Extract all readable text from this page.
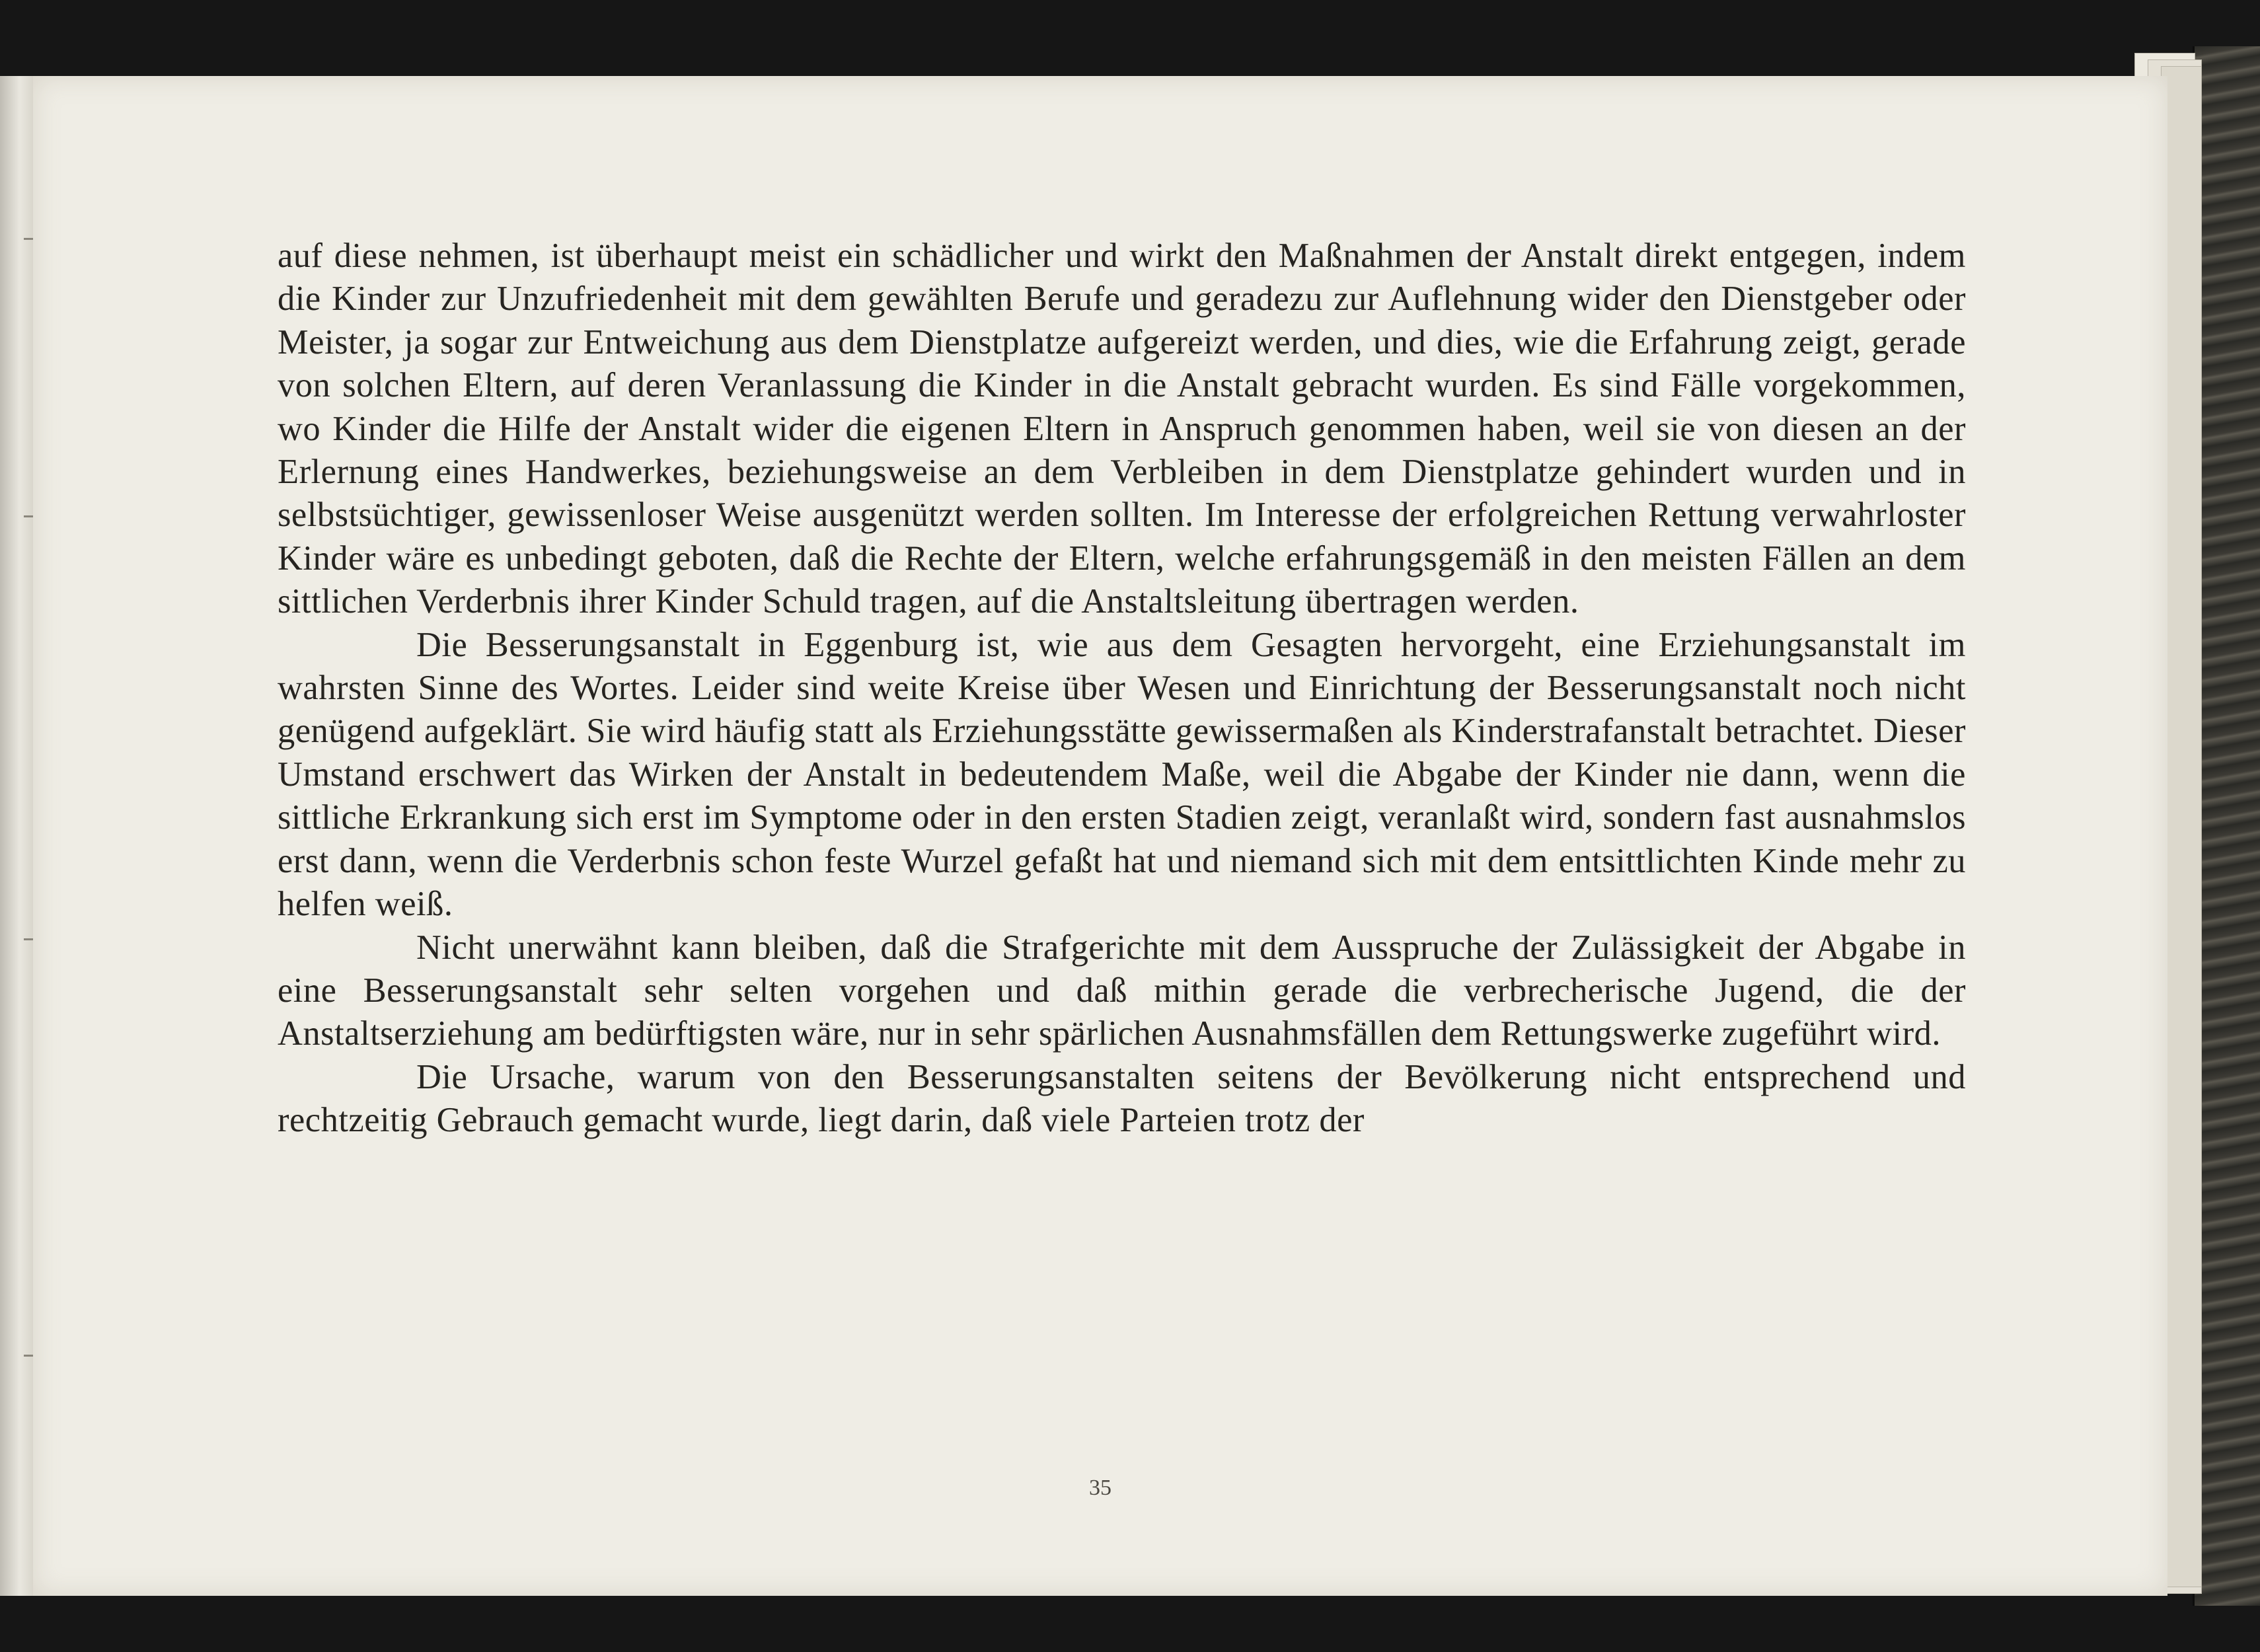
auf diese nehmen, ist überhaupt meist ein schädlicher und wirkt den Maßnahmen der Anstalt direkt entgegen, indem die Kinder zur Unzufriedenheit mit dem gewählten Berufe und geradezu zur Auflehnung wider den Dienstgeber oder Meister, ja sogar zur Entweichung aus dem Dienstplatze aufgereizt werden, und dies, wie die Erfahrung zeigt, gerade von solchen Eltern, auf deren Veranlassung die Kinder in die Anstalt gebracht wurden. Es sind Fälle vorgekommen, wo Kinder die Hilfe der Anstalt wider die eigenen Eltern in Anspruch genommen haben, weil sie von diesen an der Erlernung eines Handwerkes, beziehungsweise an dem Verbleiben in dem Dienstplatze gehindert wurden und in selbstsüchtiger, gewissenloser Weise ausgenützt werden sollten. Im Interesse der erfolgreichen Rettung verwahrloster Kinder wäre es unbedingt geboten, daß die Rechte der Eltern, welche erfahrungsgemäß in den meisten Fällen an dem sittlichen Verderbnis ihrer Kinder Schuld tragen, auf die Anstaltsleitung übertragen werden.

Die Besserungsanstalt in Eggenburg ist, wie aus dem Gesagten hervorgeht, eine Erziehungsanstalt im wahrsten Sinne des Wortes. Leider sind weite Kreise über Wesen und Einrichtung der Besserungsanstalt noch nicht genügend aufgeklärt. Sie wird häufig statt als Erziehungsstätte gewissermaßen als Kinderstrafanstalt betrachtet. Dieser Umstand erschwert das Wirken der Anstalt in bedeutendem Maße, weil die Abgabe der Kinder nie dann, wenn die sittliche Erkrankung sich erst im Symptome oder in den ersten Stadien zeigt, veranlaßt wird, sondern fast ausnahmslos erst dann, wenn die Verderbnis schon feste Wurzel gefaßt hat und niemand sich mit dem entsittlichten Kinde mehr zu helfen weiß.

Nicht unerwähnt kann bleiben, daß die Strafgerichte mit dem Ausspruche der Zulässigkeit der Abgabe in eine Besserungsanstalt sehr selten vorgehen und daß mithin gerade die verbrecherische Jugend, die der Anstaltserziehung am bedürftigsten wäre, nur in sehr spärlichen Ausnahmsfällen dem Rettungswerke zugeführt wird.

Die Ursache, warum von den Besserungsanstalten seitens der Bevölkerung nicht entsprechend und rechtzeitig Gebrauch gemacht wurde, liegt darin, daß viele Parteien trotz der

35
